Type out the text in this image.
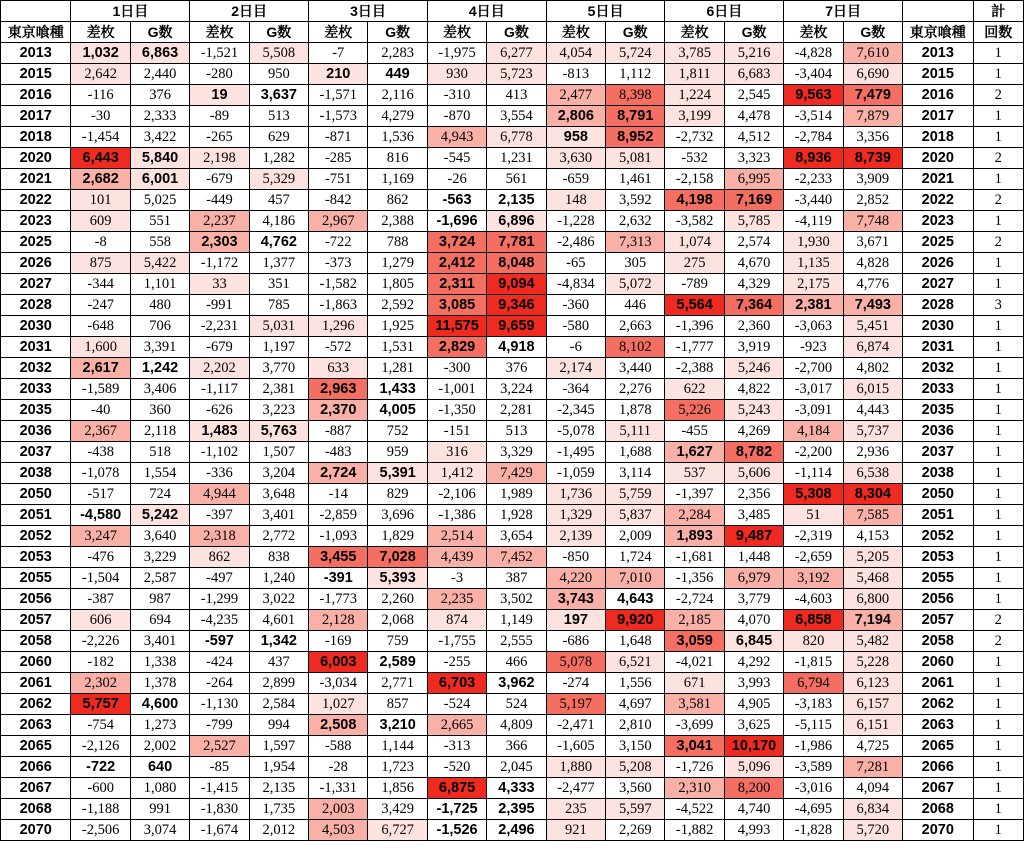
	1日目		2日目		3日目		4日目		5日目		6日目		7日目			計
東京喰種	差枚	G数	差枚	G数	差枚	G数	差枚	G数	差枚	G数	差枚	G数	差枚	G数	東京喰種	回数
2013	1,032	6,863	-1,521	5,508	-7	2,283	-1,975	6,277	4,054	5,724	3,785	5,216	-4,828	7,610	2013	1
2015	2,642	2,440	-280	950	210	449	930	5,723	-813	1,112	1,811	6,683	-3,404	6,690	2015	1
2016	-116	376	19	3,637	-1,571	2,116	-310	413	2,477	8,398	1,224	2,545	9,563	7,479	2016	2
2017	-30	2,333	-89	513	-1,573	4,279	-870	3,554	2,806	8,791	3,199	4,478	-3,514	7,879	2017	1
2018	-1,454	3,422	-265	629	-871	1,536	4,943	6,778	958	8,952	-2,732	4,512	-2,784	3,356	2018	1
2020	6,443	5,840	2,198	1,282	-285	816	-545	1,231	3,630	5,081	-532	3,323	8,936	8,739	2020	2
2021	2,682	6,001	-679	5,329	-751	1,169	-26	561	-659	1,461	-2,158	6,995	-2,233	3,909	2021	1
2022	101	5,025	-449	457	-842	862	-563	2,135	148	3,592	4,198	7,169	-3,440	2,852	2022	2
2023	609	551	2,237	4,186	2,967	2,388	-1,696	6,896	-1,228	2,632	-3,582	5,785	-4,119	7,748	2023	1
2025	-8	558	2,303	4,762	-722	788	3,724	7,781	-2,486	7,313	1,074	2,574	1,930	3,671	2025	2
2026	875	5,422	-1,172	1,377	-373	1,279	2,412	8,048	-65	305	275	4,670	1,135	4,828	2026	1
2027	-344	1,101	33	351	-1,582	1,805	2,311	9,094	-4,834	5,072	-789	4,329	2,175	4,776	2027	1
2028	-247	480	-991	785	-1,863	2,592	3,085	9,346	-360	446	5,564	7,364	2,381	7,493	2028	3
2030	-648	706	-2,231	5,031	1,296	1,925	11,575	9,659	-580	2,663	-1,396	2,360	-3,063	5,451	2030	1
2031	1,600	3,391	-679	1,197	-572	1,531	2,829	4,918	-6	8,102	-1,777	3,919	-923	6,874	2031	1
2032	2,617	1,242	2,202	3,770	633	1,281	-300	376	2,174	3,440	-2,388	5,246	-2,700	4,802	2032	1
2033	-1,589	3,406	-1,117	2,381	2,963	1,433	-1,001	3,224	-364	2,276	622	4,822	-3,017	6,015	2033	1
2035	-40	360	-626	3,223	2,370	4,005	-1,350	2,281	-2,345	1,878	5,226	5,243	-3,091	4,443	2035	1
2036	2,367	2,118	1,483	5,763	-887	752	-151	513	-5,078	5,111	-455	4,269	4,184	5,737	2036	1
2037	-438	518	-1,102	1,507	-483	959	316	3,329	-1,495	1,688	1,627	8,782	-2,200	2,936	2037	1
2038	-1,078	1,554	-336	3,204	2,724	5,391	1,412	7,429	-1,059	3,114	537	5,606	-1,114	6,538	2038	1
2050	-517	724	4,944	3,648	-14	829	-2,106	1,989	1,736	5,759	-1,397	2,356	5,308	8,304	2050	1
2051	-4,580	5,242	-397	3,401	-2,859	3,696	-1,386	1,928	1,329	5,837	2,284	3,485	51	7,585	2051	1
2052	3,247	3,640	2,318	2,772	-1,093	1,829	2,514	3,654	2,139	2,009	1,893	9,487	-2,319	4,153	2052	1
2053	-476	3,229	862	838	3,455	7,028	4,439	7,452	-850	1,724	-1,681	1,448	-2,659	5,205	2053	1
2055	-1,504	2,587	-497	1,240	-391	5,393	-3	387	4,220	7,010	-1,356	6,979	3,192	5,468	2055	1
2056	-387	987	-1,299	3,022	-1,773	2,260	2,235	3,502	3,743	4,643	-2,724	3,779	-4,603	6,800	2056	1
2057	606	694	-4,235	4,601	2,128	2,068	874	1,149	197	9,920	2,185	4,070	6,858	7,194	2057	2
2058	-2,226	3,401	-597	1,342	-169	759	-1,755	2,555	-686	1,648	3,059	6,845	820	5,482	2058	2
2060	-182	1,338	-424	437	6,003	2,589	-255	466	5,078	6,521	-4,021	4,292	-1,815	5,228	2060	1
2061	2,302	1,378	-264	2,899	-3,034	2,771	6,703	3,962	-274	1,556	671	3,993	6,794	6,123	2061	1
2062	5,757	4,600	-1,130	2,584	1,027	857	-524	524	5,197	4,697	3,581	4,905	-3,183	6,157	2062	1
2063	-754	1,273	-799	994	2,508	3,210	2,665	4,809	-2,471	2,810	-3,699	3,625	-5,115	6,151	2063	1
2065	-2,126	2,002	2,527	1,597	-588	1,144	-313	366	-1,605	3,150	3,041	10,170	-1,986	4,725	2065	1
2066	-722	640	-85	1,954	-28	1,723	-520	2,045	1,880	5,208	-1,726	5,096	-3,589	7,281	2066	1
2067	-600	1,080	-1,415	2,135	-1,331	1,856	6,875	4,333	-2,477	3,560	2,310	8,200	-3,016	4,094	2067	1
2068	-1,188	991	-1,830	1,735	2,003	3,429	-1,725	2,395	235	5,597	-4,522	4,740	-4,695	6,834	2068	1
2070	-2,506	3,074	-1,674	2,012	4,503	6,727	-1,526	2,496	921	2,269	-1,882	4,993	-1,828	5,720	2070	1
